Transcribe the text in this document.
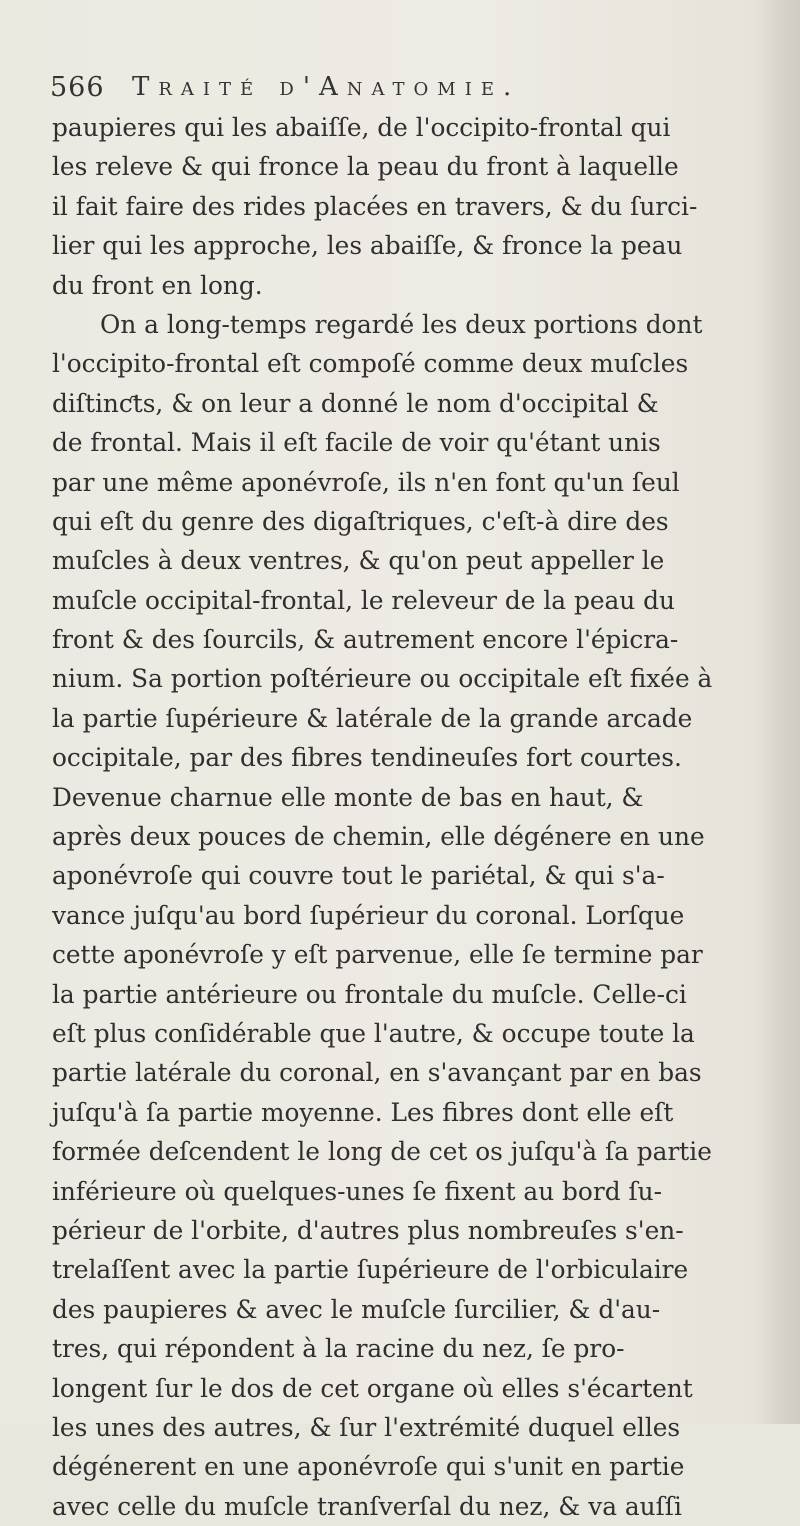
566 Traité d'Anatomie.
paupieres qui les abaiſſe, de l'occipito-frontal qui
les releve & qui fronce la peau du front à laquelle
il fait faire des rides placées en travers, & du ſurci-
lier qui les approche, les abaiſſe, & fronce la peau
du front en long.
On a long-temps regardé les deux portions dont
l'occipito-frontal eſt compoſé comme deux muſcles
diſtinƈts, & on leur a donné le nom d'occipital &
de frontal. Mais il eſt facile de voir qu'étant unis
par une même aponévroſe, ils n'en font qu'un ſeul
qui eſt du genre des digaſtriques, c'eſt-à dire des
muſcles à deux ventres, & qu'on peut appeller le
muſcle occipital-frontal, le releveur de la peau du
front & des ſourcils, & autrement encore l'épicra-
nium. Sa portion poſtérieure ou occipitale eſt fixée à
la partie ſupérieure & latérale de la grande arcade
occipitale, par des fibres tendineuſes fort courtes.
Devenue charnue elle monte de bas en haut, &
après deux pouces de chemin, elle dégénere en une
aponévroſe qui couvre tout le pariétal, & qui s'a-
vance juſqu'au bord ſupérieur du coronal. Lorſque
cette aponévroſe y eſt parvenue, elle ſe termine par
la partie antérieure ou frontale du muſcle. Celle-ci
eſt plus conſidérable que l'autre, & occupe toute la
partie latérale du coronal, en s'avançant par en bas
juſqu'à ſa partie moyenne. Les fibres dont elle eſt
formée deſcendent le long de cet os juſqu'à ſa partie
inférieure où quelques-unes ſe fixent au bord ſu-
périeur de l'orbite, d'autres plus nombreuſes s'en-
trelaſſent avec la partie ſupérieure de l'orbiculaire
des paupieres & avec le muſcle ſurcilier, & d'au-
tres, qui répondent à la racine du nez, ſe pro-
longent ſur le dos de cet organe où elles s'écartent
les unes des autres, & ſur l'extrémité duquel elles
dégénerent en une aponévroſe qui s'unit en partie
avec celle du muſcle tranſverſal du nez, & va auſſi
